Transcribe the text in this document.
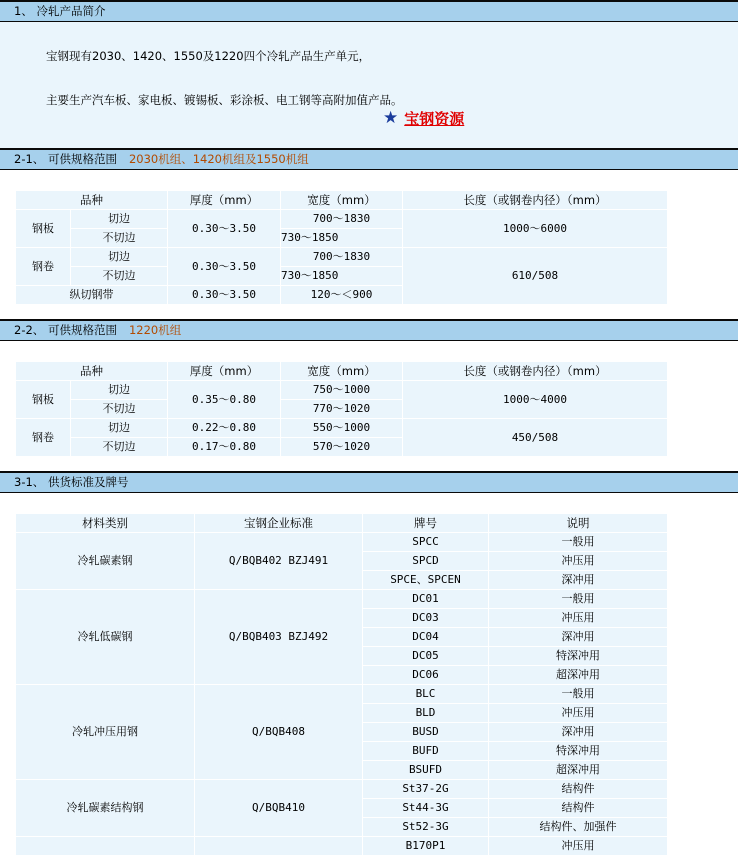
1、 冷轧产品简介
宝钢现有2030、1420、1550及1220四个冷轧产品生产单元，
主要生产汽车板、家电板、镀锡板、彩涂板、电工钢等高附加值产品。
★ 宝钢资源
2-1、 可供规格范围 2030机组、1420机组及1550机组
品种		厚度（mm）	宽度（mm）	长度（或钢卷内径）（mm）
钢板	切边	0.30～3.50	700～1830	1000～6000
	不切边		730～1850	
钢卷	切边	0.30～3.50	700～1830	610/508
	不切边		730～1850	
纵切钢带		0.30～3.50	120～＜900	
2-2、 可供规格范围 1220机组
品种		厚度（mm）	宽度（mm）	长度（或钢卷内径）（mm）
钢板	切边	0.35～0.80	750～1000	1000～4000
	不切边		770～1020	
钢卷	切边	0.22～0.80	550～1000	450/508
	不切边	0.17～0.80	570～1020	
3-1、 供货标准及牌号
材料类别	宝钢企业标准	牌号	说明
冷轧碳素钢	Q/BQB402 BZJ491	SPCC	一般用
		SPCD	冲压用
		SPCE、SPCEN	深冲用
冷轧低碳钢	Q/BQB403 BZJ492	DC01	一般用
		DC03	冲压用
		DC04	深冲用
		DC05	特深冲用
		DC06	超深冲用
冷轧冲压用钢	Q/BQB408	BLC	一般用
		BLD	冲压用
		BUSD	深冲用
		BUFD	特深冲用
		BSUFD	超深冲用
冷轧碳素结构钢	Q/BQB410	St37-2G	结构件
		St44-3G	结构件
		St52-3G	结构件、加强件
		B170P1	冲压用
